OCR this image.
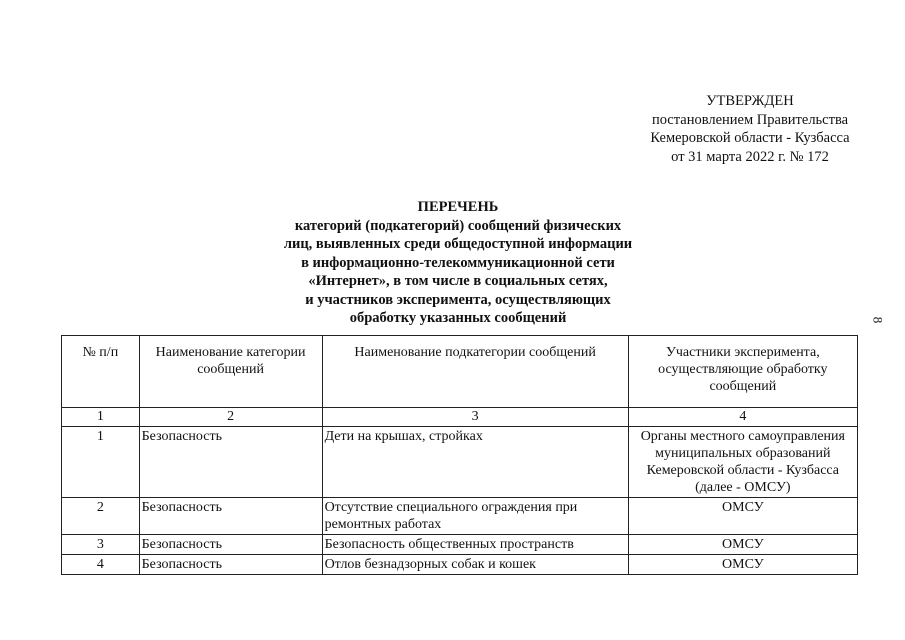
УТВЕРЖДЕН
постановлением Правительства
Кемеровской области - Кузбасса
от 31 марта 2022 г. № 172
ПЕРЕЧЕНЬ
категорий (подкатегорий) сообщений физических
лиц, выявленных среди общедоступной информации
в информационно-телекоммуникационной сети
«Интернет», в том числе в социальных сетях,
и участников эксперимента, осуществляющих
обработку указанных сообщений	8
№ п/п	Наименование категории сообщений	Наименование подкатегории сообщений	Участники эксперимента, осуществляющие обработку сообщений
1	2	3	4
1	Безопасность	Дети на крышах, стройках	Органы местного самоуправления муниципальных образований Кемеровской области - Кузбасса (далее - ОМСУ)
2	Безопасность	Отсутствие специального ограждения при ремонтных работах	ОМСУ
3	Безопасность	Безопасность общественных пространств	ОМСУ
4	Безопасность	Отлов безнадзорных собак и кошек	ОМСУ
